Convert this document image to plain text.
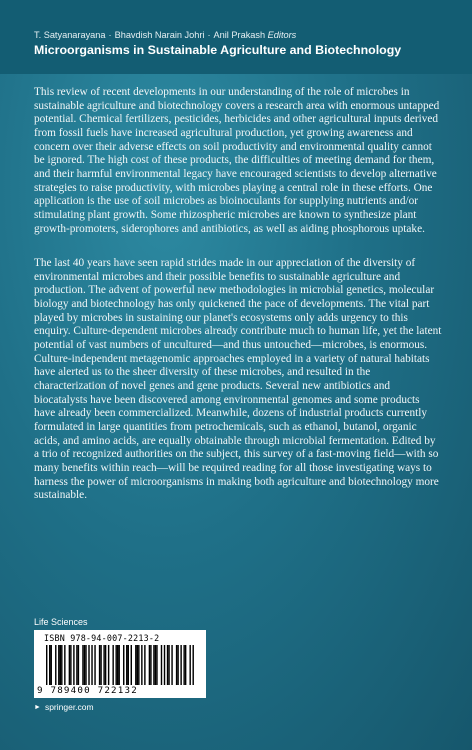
T. Satyanarayana · Bhavdish Narain Johri · Anil Prakash Editors
Microorganisms in Sustainable Agriculture and Biotechnology

This review of recent developments in our understanding of the role of microbes in sustainable agriculture and biotechnology covers a research area with enormous untapped potential. Chemical fertilizers, pesticides, herbicides and other agricultural inputs derived from fossil fuels have increased agricultural production, yet growing awareness and concern over their adverse effects on soil productivity and environmental quality cannot be ignored. The high cost of these products, the difficulties of meeting demand for them, and their harmful environmental legacy have encouraged scientists to develop alternative strategies to raise productivity, with microbes playing a central role in these efforts. One application is the use of soil microbes as bioinoculants for supplying nutrients and/or stimulating plant growth. Some rhizospheric microbes are known to synthesize plant growth-promoters, siderophores and antibiotics, as well as aiding phosphorous uptake.

The last 40 years have seen rapid strides made in our appreciation of the diversity of environmental microbes and their possible benefits to sustainable agriculture and production. The advent of powerful new methodologies in microbial genetics, molecular biology and biotechnology has only quickened the pace of developments. The vital part played by microbes in sustaining our planet's ecosystems only adds urgency to this enquiry. Culture-dependent microbes already contribute much to human life, yet the latent potential of vast numbers of uncultured—and thus untouched—microbes, is enormous. Culture-independent metagenomic approaches employed in a variety of natural habitats have alerted us to the sheer diversity of these microbes, and resulted in the characterization of novel genes and gene products. Several new antibiotics and biocatalysts have been discovered among environmental genomes and some products have already been commercialized. Meanwhile, dozens of industrial products currently formulated in large quantities from petrochemicals, such as ethanol, butanol, organic acids, and amino acids, are equally obtainable through microbial fermentation. Edited by a trio of recognized authorities on the subject, this survey of a fast-moving field—with so many benefits within reach—will be required reading for all those investigating ways to harness the power of microorganisms in making both agriculture and biotechnology more sustainable.

Life Sciences
ISBN 978-94-007-2213-2
9 789400 722132
► springer.com
